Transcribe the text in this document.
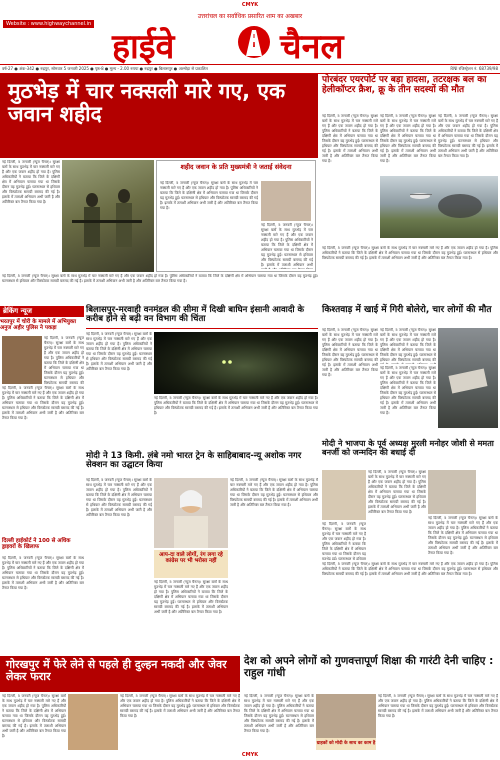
CMYK
उत्तरांचल का सर्वाधिक प्रसारित शाम का अखबार
Website : www.highwaychannel.in
हाईवे	चैनल
वर्ष-27 ● अंक-342 ● रुद्रपुर, सोमवार 5 जनवरी 2025 ● पृष्ठ-8 ● मूल्य - 2.00 रुपया ● रुद्रपुर ● बिलासपुर ● अल्मोड़ा से प्रकाशित	RNI रजिस्ट्रेशन नं. 68739/98
मुठभेड़ में चार नक्सली मारे गए, एक जवान शहीद
नई दिल्ली, 5 जनवरी (न्यूज चैनल)। सुरक्षा बलों के साथ मुठभेड़ में चार नक्सली मारे गए हैं और एक जवान शहीद हो गया है। पुलिस अधिकारियों ने बताया कि जिले के दक्षिणी क्षेत्र में अभियान चलाया गया था जिसके दौरान यह मुठभेड़ हुई। घटनास्थल से हथियार और विस्फोटक सामग्री बरामद की गई है। इलाके में तलाशी अभियान अभी जारी है और अतिरिक्त बल तैनात किया गया है।
शहीद जवान के प्रति मुख्यमंत्री ने जताई संवेदना
नई दिल्ली, 5 जनवरी (न्यूज चैनल)। सुरक्षा बलों के साथ मुठभेड़ में चार नक्सली मारे गए हैं और एक जवान शहीद हो गया है। पुलिस अधिकारियों ने बताया कि जिले के दक्षिणी क्षेत्र में अभियान चलाया गया था जिसके दौरान यह मुठभेड़ हुई। घटनास्थल से हथियार और विस्फोटक सामग्री बरामद की गई है। इलाके में तलाशी अभियान अभी जारी है और अतिरिक्त बल तैनात किया गया है।
नई दिल्ली, 5 जनवरी (न्यूज चैनल)। सुरक्षा बलों के साथ मुठभेड़ में चार नक्सली मारे गए हैं और एक जवान शहीद हो गया है। पुलिस अधिकारियों ने बताया कि जिले के दक्षिणी क्षेत्र में अभियान चलाया गया था जिसके दौरान यह मुठभेड़ हुई। घटनास्थल से हथियार और विस्फोटक सामग्री बरामद की गई है। इलाके में तलाशी अभियान अभी
नई दिल्ली, 5 जनवरी (न्यूज चैनल)। सुरक्षा बलों के साथ मुठभेड़ में चार नक्सली मारे गए हैं और एक जवान शहीद हो गया है। पुलिस अधिकारियों ने बताया कि जिले के दक्षिणी क्षेत्र में अभियान चलाया गया था जिसके दौरान यह मुठभेड़ हुई। घटनास्थल से हथियार और विस्फोटक सामग्री बरामद की गई है। इलाके में तलाशी अभियान अभी जारी है और अतिरिक्त बल तैनात किया गया है।
ब्रेकिंग न्यूज
भरतपुर में चोरी के मामले में अभियुक्त अनुज अहीर पुलिस ने पकड़ा
नई दिल्ली, 5 जनवरी (न्यूज चैनल)। सुरक्षा बलों के साथ मुठभेड़ में चार नक्सली मारे गए हैं और एक जवान शहीद हो गया है। पुलिस अधिकारियों ने बताया कि जिले के दक्षिणी क्षेत्र में अभियान चलाया गया था जिसके दौरान यह मुठभेड़ हुई। घटनास्थल से हथियार और विस्फोटक सामग्री बरामद की
नई दिल्ली, 5 जनवरी (न्यूज चैनल)। सुरक्षा बलों के साथ मुठभेड़ में चार नक्सली मारे गए हैं और एक जवान शहीद हो गया है। पुलिस अधिकारियों ने बताया कि जिले के दक्षिणी क्षेत्र में अभियान चलाया गया था जिसके दौरान यह मुठभेड़ हुई। घटनास्थल से हथियार और विस्फोटक सामग्री बरामद की गई है। इलाके में तलाशी अभियान अभी जारी है और अतिरिक्त बल तैनात किया गया है।
दिल्ली हाईकोर्ट ने 100 से अधिक ड्राइवरों के खिलाफ
नई दिल्ली, 5 जनवरी (न्यूज चैनल)। सुरक्षा बलों के साथ मुठभेड़ में चार नक्सली मारे गए हैं और एक जवान शहीद हो गया है। पुलिस अधिकारियों ने बताया कि जिले के दक्षिणी क्षेत्र में अभियान चलाया गया था जिसके दौरान यह मुठभेड़ हुई। घटनास्थल से हथियार और विस्फोटक सामग्री बरामद की गई है। इलाके में तलाशी अभियान अभी जारी है और अतिरिक्त बल तैनात किया गया है।
बिलासपुर-मरवाही वनमंडल की सीमा में दिखी बाघिन इंसानी आवादी के करीब होने से बढ़ी वन विभाग की चिंता
नई दिल्ली, 5 जनवरी (न्यूज चैनल)। सुरक्षा बलों के साथ मुठभेड़ में चार नक्सली मारे गए हैं और एक जवान शहीद हो गया है। पुलिस अधिकारियों ने बताया कि जिले के दक्षिणी क्षेत्र में अभियान चलाया गया था जिसके दौरान यह मुठभेड़ हुई। घटनास्थल से हथियार और विस्फोटक सामग्री बरामद की गई है। इलाके में तलाशी अभियान अभी जारी है और अतिरिक्त बल तैनात किया गया है।
नई दिल्ली, 5 जनवरी (न्यूज चैनल)। सुरक्षा बलों के साथ मुठभेड़ में चार नक्सली मारे गए हैं और एक जवान शहीद हो गया है। पुलिस अधिकारियों ने बताया कि जिले के दक्षिणी क्षेत्र में अभियान चलाया गया था जिसके दौरान यह मुठभेड़ हुई। घटनास्थल से हथियार और विस्फोटक सामग्री बरामद की गई है। इलाके में तलाशी अभियान अभी जारी है और अतिरिक्त बल तैनात किया गया है।
मोदी ने 13 किमी. लंबे नमो भारत ट्रेन के साहिबाबाद-न्यू अशोक नगर सेक्शन का उद्घाटन किया
नई दिल्ली, 5 जनवरी (न्यूज चैनल)। सुरक्षा बलों के साथ मुठभेड़ में चार नक्सली मारे गए हैं और एक जवान शहीद हो गया है। पुलिस अधिकारियों ने बताया कि जिले के दक्षिणी क्षेत्र में अभियान चलाया गया था जिसके दौरान यह मुठभेड़ हुई। घटनास्थल से हथियार और विस्फोटक सामग्री बरामद की गई है। इलाके में तलाशी अभियान अभी जारी है और अतिरिक्त बल तैनात किया गया है।
आप-दा वाले लोगों, रंग लगा रहे कांग्रेस पर भी भरोसा नहीं
नई दिल्ली, 5 जनवरी (न्यूज चैनल)। सुरक्षा बलों के साथ मुठभेड़ में चार नक्सली मारे गए हैं और एक जवान शहीद हो गया है। पुलिस अधिकारियों ने बताया कि जिले के दक्षिणी क्षेत्र में अभियान चलाया गया था जिसके दौरान यह मुठभेड़ हुई। घटनास्थल से हथियार और विस्फोटक सामग्री बरामद की गई है। इलाके में तलाशी अभियान अभी जारी है और अतिरिक्त बल तैनात किया गया है।
नई दिल्ली, 5 जनवरी (न्यूज चैनल)। सुरक्षा बलों के साथ मुठभेड़ में चार नक्सली मारे गए हैं और एक जवान शहीद हो गया है। पुलिस अधिकारियों ने बताया कि जिले के दक्षिणी क्षेत्र में अभियान चलाया गया था जिसके दौरान यह मुठभेड़ हुई। घटनास्थल से हथियार और विस्फोटक सामग्री बरामद की गई है। इलाके में तलाशी अभियान अभी जारी है और अतिरिक्त बल तैनात किया गया है।
पोरबंदर एयरपोर्ट पर बड़ा हादसा, तटरक्षक बल का हेलीकॉप्टर क्रैश, क्रू के तीन सदस्यों की मौत
नई दिल्ली, 5 जनवरी (न्यूज चैनल)। सुरक्षा बलों के साथ मुठभेड़ में चार नक्सली मारे गए हैं और एक जवान शहीद हो गया है। पुलिस अधिकारियों ने बताया कि जिले के दक्षिणी क्षेत्र में अभियान चलाया गया था जिसके दौरान यह मुठभेड़ हुई। घटनास्थल से हथियार और विस्फोटक सामग्री बरामद की गई है। इलाके में तलाशी अभियान अभी जारी है और अतिरिक्त बल तैनात किया गया है।
नई दिल्ली, 5 जनवरी (न्यूज चैनल)। सुरक्षा बलों के साथ मुठभेड़ में चार नक्सली मारे गए हैं और एक जवान शहीद हो गया है। पुलिस अधिकारियों ने बताया कि जिले के दक्षिणी क्षेत्र में अभियान चलाया गया था जिसके दौरान यह मुठभेड़ हुई। घटनास्थल से हथियार और विस्फोटक सामग्री बरामद की गई है। इलाके में तलाशी अभियान अभी जारी है और अतिरिक्त बल तैनात किया गया है।
नई दिल्ली, 5 जनवरी (न्यूज चैनल)। सुरक्षा बलों के साथ मुठभेड़ में चार नक्सली मारे गए हैं और एक जवान शहीद हो गया है। पुलिस अधिकारियों ने बताया कि जिले के दक्षिणी क्षेत्र में अभियान चलाया गया था जिसके दौरान यह मुठभेड़ हुई। घटनास्थल से हथियार और विस्फोटक सामग्री बरामद की गई है। इलाके में तलाशी अभियान अभी जारी है और अतिरिक्त बल तैनात किया गया है।
नई दिल्ली, 5 जनवरी (न्यूज चैनल)। सुरक्षा बलों के साथ मुठभेड़ में चार नक्सली मारे गए हैं और एक जवान शहीद हो गया है। पुलिस अधिकारियों ने बताया कि जिले के दक्षिणी क्षेत्र में अभियान चलाया गया था जिसके दौरान यह मुठभेड़ हुई। घटनास्थल से हथियार और विस्फोटक सामग्री बरामद की गई है। इलाके में तलाशी अभियान अभी जारी है और अतिरिक्त बल तैनात किया गया है।
किश्तवाड़ में खाई में गिरी बोलेरो, चार लोगों की मौत
नई दिल्ली, 5 जनवरी (न्यूज चैनल)। सुरक्षा बलों के साथ मुठभेड़ में चार नक्सली मारे गए हैं और एक जवान शहीद हो गया है। पुलिस अधिकारियों ने बताया कि जिले के दक्षिणी क्षेत्र में अभियान चलाया गया था जिसके दौरान यह मुठभेड़ हुई। घटनास्थल से हथियार और विस्फोटक सामग्री बरामद की गई है। इलाके में तलाशी अभियान अभी जारी है और अतिरिक्त बल तैनात किया गया है।
नई दिल्ली, 5 जनवरी (न्यूज चैनल)। सुरक्षा बलों के साथ मुठभेड़ में चार नक्सली मारे गए हैं और एक जवान शहीद हो गया है। पुलिस अधिकारियों ने बताया कि जिले के दक्षिणी क्षेत्र में अभियान चलाया गया था जिसके दौरान यह मुठभेड़ हुई। घटनास्थल से हथियार और विस्फोटक सामग्री बरामद की
नई दिल्ली, 5 जनवरी (न्यूज चैनल)। सुरक्षा बलों के साथ मुठभेड़ में चार नक्सली मारे गए हैं और एक जवान शहीद हो गया है। पुलिस अधिकारियों ने बताया कि जिले के दक्षिणी क्षेत्र में अभियान चलाया गया था जिसके दौरान यह मुठभेड़ हुई। घटनास्थल से हथियार और विस्फोटक सामग्री बरामद की गई है। इलाके में तलाशी अभियान अभी जारी है और अतिरिक्त बल तैनात किया गया है।
मोदी ने भाजपा के पूर्व अध्यक्ष मुरली मनोहर जोशी से ममता बनर्जी को जन्मदिन की बधाई दी
नई दिल्ली, 5 जनवरी (न्यूज चैनल)। सुरक्षा बलों के साथ मुठभेड़ में चार नक्सली मारे गए हैं और एक जवान शहीद हो गया है। पुलिस अधिकारियों ने बताया कि जिले के दक्षिणी क्षेत्र में अभियान चलाया गया था जिसके दौरान यह मुठभेड़ हुई। घटनास्थल से हथियार और विस्फोटक सामग्री बरामद की गई है। इलाके में तलाशी अभियान अभी जारी है और अतिरिक्त बल तैनात किया गया है।
नई दिल्ली, 5 जनवरी (न्यूज चैनल)। सुरक्षा बलों के साथ मुठभेड़ में चार नक्सली मारे गए हैं और एक जवान शहीद हो गया है। पुलिस अधिकारियों ने बताया कि जिले के दक्षिणी क्षेत्र में अभियान चलाया गया था जिसके दौरान यह मुठभेड़ हुई। घटनास्थल से हथियार और विस्फोटक सामग्री बरामद की गई है। इलाके में तलाशी अभियान अभी जारी है और अतिरिक्त बल तैनात किया गया है।
नई दिल्ली, 5 जनवरी (न्यूज चैनल)। सुरक्षा बलों के साथ मुठभेड़ में चार नक्सली मारे गए हैं और एक जवान शहीद हो गया है। पुलिस अधिकारियों ने बताया कि जिले के दक्षिणी क्षेत्र में अभियान चलाया गया था जिसके दौरान यह मुठभेड़ हुई। घटनास्थल से हथियार
नई दिल्ली, 5 जनवरी (न्यूज चैनल)। सुरक्षा बलों के साथ मुठभेड़ में चार नक्सली मारे गए हैं और एक जवान शहीद हो गया है। पुलिस अधिकारियों ने बताया कि जिले के दक्षिणी क्षेत्र में अभियान चलाया गया था जिसके दौरान यह मुठभेड़ हुई। घटनास्थल से हथियार और विस्फोटक सामग्री बरामद की गई है। इलाके में तलाशी अभियान अभी जारी है और अतिरिक्त बल तैनात किया गया है।
गोरखपुर में फेरे लेने से पहले ही दुल्हन नकदी और जेवर लेकर फरार
नई दिल्ली, 5 जनवरी (न्यूज चैनल)। सुरक्षा बलों के साथ मुठभेड़ में चार नक्सली मारे गए हैं और एक जवान शहीद हो गया है। पुलिस अधिकारियों ने बताया कि जिले के दक्षिणी क्षेत्र में अभियान चलाया गया था जिसके दौरान यह मुठभेड़ हुई। घटनास्थल से हथियार और विस्फोटक सामग्री बरामद की गई है। इलाके में तलाशी अभियान अभी जारी है और अतिरिक्त बल तैनात किया गया है।
नई दिल्ली, 5 जनवरी (न्यूज चैनल)। सुरक्षा बलों के साथ मुठभेड़ में चार नक्सली मारे गए हैं और एक जवान शहीद हो गया है। पुलिस अधिकारियों ने बताया कि जिले के दक्षिणी क्षेत्र में अभियान चलाया गया था जिसके दौरान यह मुठभेड़ हुई। घटनास्थल से हथियार और विस्फोटक सामग्री बरामद की गई है। इलाके में तलाशी अभियान अभी जारी है और अतिरिक्त बल तैनात किया गया है।
देश को अपने लोगों को गुणवत्तापूर्ण शिक्षा की गारंटी देनी चाहिए : राहुल गांधी
नई दिल्ली, 5 जनवरी (न्यूज चैनल)। सुरक्षा बलों के साथ मुठभेड़ में चार नक्सली मारे गए हैं और एक जवान शहीद हो गया है। पुलिस अधिकारियों ने बताया कि जिले के दक्षिणी क्षेत्र में अभियान चलाया गया था जिसके दौरान यह मुठभेड़ हुई। घटनास्थल से हथियार और विस्फोटक सामग्री बरामद की गई है। इलाके में तलाशी अभियान अभी जारी है और अतिरिक्त बल तैनात किया गया है।
ग्राहकों को मोदी के साथ का काम है
नई दिल्ली, 5 जनवरी (न्यूज चैनल)। सुरक्षा बलों के साथ मुठभेड़ में चार नक्सली मारे गए हैं और एक जवान शहीद हो गया है। पुलिस अधिकारियों ने बताया कि जिले के दक्षिणी क्षेत्र में अभियान चलाया गया था जिसके दौरान यह मुठभेड़ हुई। घटनास्थल से हथियार और विस्फोटक सामग्री बरामद की गई है। इलाके में तलाशी अभियान अभी जारी है और अतिरिक्त बल तैनात किया गया है।
CMYK
